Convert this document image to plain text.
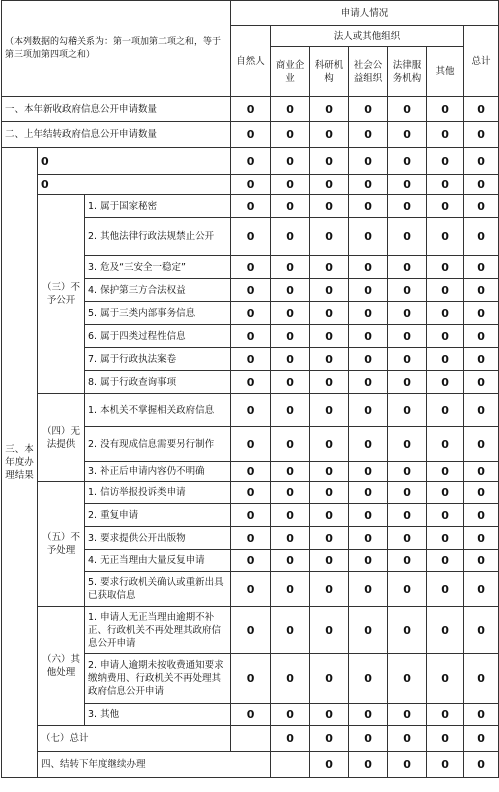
（本列数据的勾稽关系为：第一项加第二项之和，等于第三项加第四项之和）			申请人情况							
			自然人	法人或其他组织					总计	
				商业企业	科研机构	社会公益组织	法律服务机构	其他		
一、本年新收政府信息公开申请数量			0	0	0	0	0	0	0	
二、上年结转政府信息公开申请数量			0	0	0	0	0	0	0	
三、本年度办理结果	0		0	0	0	0	0	0	0	
	0		0	0	0	0	0	0	0	
	（三）不予公开	1. 属于国家秘密	0	0	0	0	0	0	0	
		2. 其他法律行政法规禁止公开	0	0	0	0	0	0	0	
		3. 危及“三安全一稳定”	0	0	0	0	0	0	0	
		4. 保护第三方合法权益	0	0	0	0	0	0	0	
		5. 属于三类内部事务信息	0	0	0	0	0	0	0	
		6. 属于四类过程性信息	0	0	0	0	0	0	0	
		7. 属于行政执法案卷	0	0	0	0	0	0	0	
		8. 属于行政查询事项	0	0	0	0	0	0	0	
	（四）无法提供	1. 本机关不掌握相关政府信息	0	0	0	0	0	0	0	
		2. 没有现成信息需要另行制作	0	0	0	0	0	0	0	
		3. 补正后申请内容仍不明确	0	0	0	0	0	0	0	
	（五）不予处理	1. 信访举报投诉类申请	0	0	0	0	0	0	0	
		2. 重复申请	0	0	0	0	0	0	0	
		3. 要求提供公开出版物	0	0	0	0	0	0	0	
		4. 无正当理由大量反复申请	0	0	0	0	0	0	0	
		5. 要求行政机关确认或重新出具已获取信息	0	0	0	0	0	0	0	
	（六）其他处理	1. 申请人无正当理由逾期不补正、行政机关不再处理其政府信息公开申请	0	0	0	0	0	0	0	
		2. 申请人逾期未按收费通知要求缴纳费用、行政机关不再处理其政府信息公开申请	0	0	0	0	0	0	0	
		3. 其他	0	0	0	0	0	0	0	
	（七）总计			0	0	0	0	0	0	
	四、结转下年度继续办理				0	0	0	0	0	
